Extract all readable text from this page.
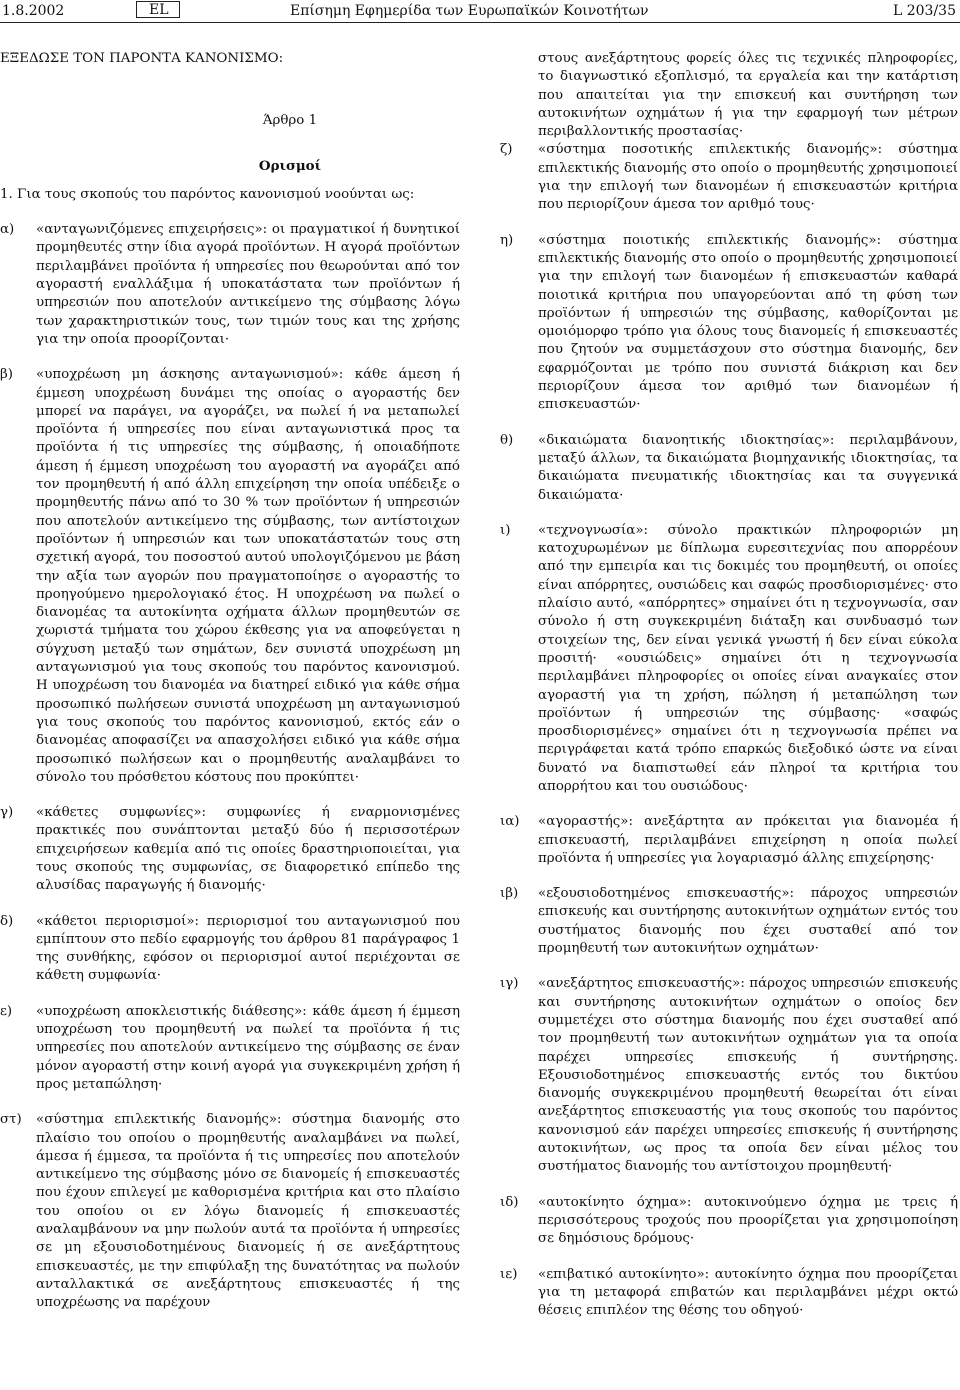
1.8.2002	EL	Επίσημη Εφημερίδα των Ευρωπαϊκών Κοινοτήτων	L 203/35

ΕΞΕΔΩΣΕ ΤΟΝ ΠΑΡΟΝΤΑ ΚΑΝΟΝΙΣΜΟ:

Άρθρο 1

Ορισμοί

1. Για τους σκοπούς του παρόντος κανονισμού νοούνται ως:

α)	«ανταγωνιζόμενες επιχειρήσεις»: οι πραγματικοί ή δυνητικοί προμηθευτές στην ίδια αγορά προϊόντων. Η αγορά προϊόντων περιλαμβάνει προϊόντα ή υπηρεσίες που θεωρούνται από τον αγοραστή εναλλάξιμα ή υποκατάστατα των προϊόντων ή υπηρεσιών που αποτελούν αντικείμενο της σύμβασης λόγω των χαρακτηριστικών τους, των τιμών τους και της χρήσης για την οποία προορίζονται·
β)	«υποχρέωση μη άσκησης ανταγωνισμού»: κάθε άμεση ή έμμεση υποχρέωση δυνάμει της οποίας ο αγοραστής δεν μπορεί να παράγει, να αγοράζει, να πωλεί ή να μεταπωλεί προϊόντα ή υπηρεσίες που είναι ανταγωνιστικά προς τα προϊόντα ή τις υπηρεσίες της σύμβασης, ή οποιαδήποτε άμεση ή έμμεση υποχρέωση του αγοραστή να αγοράζει από τον προμηθευτή ή από άλλη επιχείρηση την οποία υπέδειξε ο προμηθευτής πάνω από το 30 % των προϊόντων ή υπηρεσιών που αποτελούν αντικείμενο της σύμβασης, των αντίστοιχων προϊόντων ή υπηρεσιών και των υποκατάστατών τους στη σχετική αγορά, του ποσοστού αυτού υπολογιζόμενου με βάση την αξία των αγορών που πραγματοποίησε ο αγοραστής το προηγούμενο ημερολογιακό έτος. Η υποχρέωση να πωλεί ο διανομέας τα αυτοκίνητα οχήματα άλλων προμηθευτών σε χωριστά τμήματα του χώρου έκθεσης για να αποφεύγεται η σύγχυση μεταξύ των σημάτων, δεν συνιστά υποχρέωση μη ανταγωνισμού για τους σκοπούς του παρόντος κανονισμού. Η υποχρέωση του διανομέα να διατηρεί ειδικό για κάθε σήμα προσωπικό πωλήσεων συνιστά υποχρέωση μη ανταγωνισμού για τους σκοπούς του παρόντος κανονισμού, εκτός εάν ο διανομέας αποφασίζει να απασχολήσει ειδικό για κάθε σήμα προσωπικό πωλήσεων και ο προμηθευτής αναλαμβάνει το σύνολο του πρόσθετου κόστους που προκύπτει·
γ)	«κάθετες συμφωνίες»: συμφωνίες ή εναρμονισμένες πρακτικές που συνάπτονται μεταξύ δύο ή περισσοτέρων επιχειρήσεων καθεμία από τις οποίες δραστηριοποιείται, για τους σκοπούς της συμφωνίας, σε διαφορετικό επίπεδο της αλυσίδας παραγωγής ή διανομής·
δ)	«κάθετοι περιορισμοί»: περιορισμοί του ανταγωνισμού που εμπίπτουν στο πεδίο εφαρμογής του άρθρου 81 παράγραφος 1 της συνθήκης, εφόσον οι περιορισμοί αυτοί περιέχονται σε κάθετη συμφωνία·
ε)	«υποχρέωση αποκλειστικής διάθεσης»: κάθε άμεση ή έμμεση υποχρέωση του προμηθευτή να πωλεί τα προϊόντα ή τις υπηρεσίες που αποτελούν αντικείμενο της σύμβασης σε έναν μόνον αγοραστή στην κοινή αγορά για συγκεκριμένη χρήση ή προς μεταπώληση·
στ)	«σύστημα επιλεκτικής διανομής»: σύστημα διανομής στο πλαίσιο του οποίου ο προμηθευτής αναλαμβάνει να πωλεί, άμεσα ή έμμεσα, τα προϊόντα ή τις υπηρεσίες που αποτελούν αντικείμενο της σύμβασης μόνο σε διανομείς ή επισκευαστές που έχουν επιλεγεί με καθορισμένα κριτήρια και στο πλαίσιο του οποίου οι εν λόγω διανομείς ή επισκευαστές αναλαμβάνουν να μην πωλούν αυτά τα προϊόντα ή υπηρεσίες σε μη εξουσιοδοτημένους διανομείς ή σε ανεξάρτητους επισκευαστές, με την επιφύλαξη της δυνατότητας να πωλούν ανταλλακτικά σε ανεξάρτητους επισκευαστές ή της υποχρέωσης να παρέχουν

στους ανεξάρτητους φορείς όλες τις τεχνικές πληροφορίες, το διαγνωστικό εξοπλισμό, τα εργαλεία και την κατάρτιση που απαιτείται για την επισκευή και συντήρηση των αυτοκινήτων οχημάτων ή για την εφαρμογή των μέτρων περιβαλλοντικής προστασίας·

ζ)	«σύστημα ποσοτικής επιλεκτικής διανομής»: σύστημα επιλεκτικής διανομής στο οποίο ο προμηθευτής χρησιμοποιεί για την επιλογή των διανομέων ή επισκευαστών κριτήρια που περιορίζουν άμεσα τον αριθμό τους·
η)	«σύστημα ποιοτικής επιλεκτικής διανομής»: σύστημα επιλεκτικής διανομής στο οποίο ο προμηθευτής χρησιμοποιεί για την επιλογή των διανομέων ή επισκευαστών καθαρά ποιοτικά κριτήρια που υπαγορεύονται από τη φύση των προϊόντων ή υπηρεσιών της σύμβασης, καθορίζονται με ομοιόμορφο τρόπο για όλους τους διανομείς ή επισκευαστές που ζητούν να συμμετάσχουν στο σύστημα διανομής, δεν εφαρμόζονται με τρόπο που συνιστά διάκριση και δεν περιορίζουν άμεσα τον αριθμό των διανομέων ή επισκευαστών·
θ)	«δικαιώματα διανοητικής ιδιοκτησίας»: περιλαμβάνουν, μεταξύ άλλων, τα δικαιώματα βιομηχανικής ιδιοκτησίας, τα δικαιώματα πνευματικής ιδιοκτησίας και τα συγγενικά δικαιώματα·
ι)	«τεχνογνωσία»: σύνολο πρακτικών πληροφοριών μη κατοχυρωμένων με δίπλωμα ευρεσιτεχνίας που απορρέουν από την εμπειρία και τις δοκιμές του προμηθευτή, οι οποίες είναι απόρρητες, ουσιώδεις και σαφώς προσδιορισμένες· στο πλαίσιο αυτό, «απόρρητες» σημαίνει ότι η τεχνογνωσία, σαν σύνολο ή στη συγκεκριμένη διάταξη και συνδυασμό των στοιχείων της, δεν είναι γενικά γνωστή ή δεν είναι εύκολα προσιτή· «ουσιώδεις» σημαίνει ότι η τεχνογνωσία περιλαμβάνει πληροφορίες οι οποίες είναι αναγκαίες στον αγοραστή για τη χρήση, πώληση ή μεταπώληση των προϊόντων ή υπηρεσιών της σύμβασης· «σαφώς προσδιορισμένες» σημαίνει ότι η τεχνογνωσία πρέπει να περιγράφεται κατά τρόπο επαρκώς διεξοδικό ώστε να είναι δυνατό να διαπιστωθεί εάν πληροί τα κριτήρια του απορρήτου και του ουσιώδους·
ια)	«αγοραστής»: ανεξάρτητα αν πρόκειται για διανομέα ή επισκευαστή, περιλαμβάνει επιχείρηση η οποία πωλεί προϊόντα ή υπηρεσίες για λογαριασμό άλλης επιχείρησης·
ιβ)	«εξουσιοδοτημένος επισκευαστής»: πάροχος υπηρεσιών επισκευής και συντήρησης αυτοκινήτων οχημάτων εντός του συστήματος διανομής που έχει συσταθεί από τον προμηθευτή των αυτοκινήτων οχημάτων·
ιγ)	«ανεξάρτητος επισκευαστής»: πάροχος υπηρεσιών επισκευής και συντήρησης αυτοκινήτων οχημάτων ο οποίος δεν συμμετέχει στο σύστημα διανομής που έχει συσταθεί από τον προμηθευτή των αυτοκινήτων οχημάτων για τα οποία παρέχει υπηρεσίες επισκευής ή συντήρησης. Εξουσιοδοτημένος επισκευαστής εντός του δικτύου διανομής συγκεκριμένου προμηθευτή θεωρείται ότι είναι ανεξάρτητος επισκευαστής για τους σκοπούς του παρόντος κανονισμού εάν παρέχει υπηρεσίες επισκευής ή συντήρησης αυτοκινήτων, ως προς τα οποία δεν είναι μέλος του συστήματος διανομής του αντίστοιχου προμηθευτή·
ιδ)	«αυτοκίνητο όχημα»: αυτοκινούμενο όχημα με τρεις ή περισσότερους τροχούς που προορίζεται για χρησιμοποίηση σε δημόσιους δρόμους·
ιε)	«επιβατικό αυτοκίνητο»: αυτοκίνητο όχημα που προορίζεται για τη μεταφορά επιβατών και περιλαμβάνει μέχρι οκτώ θέσεις επιπλέον της θέσης του οδηγού·
